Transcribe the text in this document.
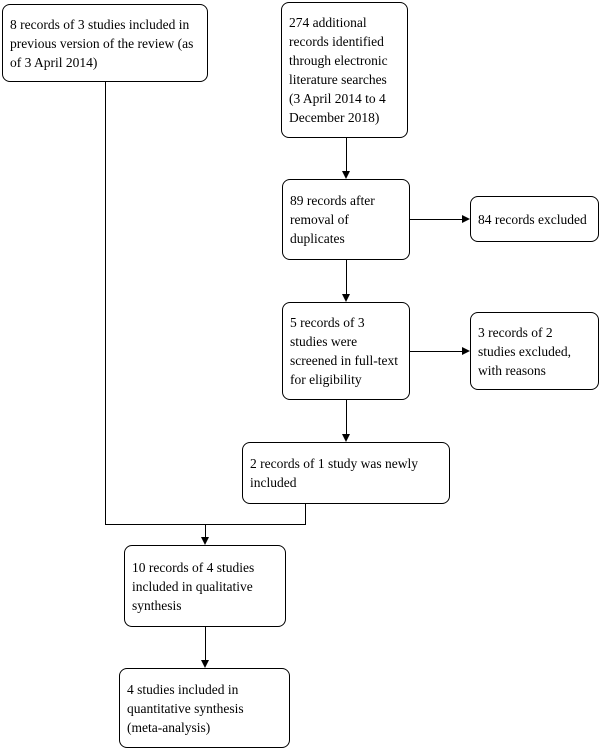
8 records of 3 studies included in
previous version of the review (as
of 3 April 2014)
274 additional
records identified
through electronic
literature searches
(3 April 2014 to 4
December 2018)
89 records after
removal of
duplicates
84 records excluded
5 records of 3
studies were
screened in full-text
for eligibility
3 records of 2
studies excluded,
with reasons
2 records of 1 study was newly
included
10 records of 4 studies
included in qualitative
synthesis
4 studies included in
quantitative synthesis
(meta-analysis)
